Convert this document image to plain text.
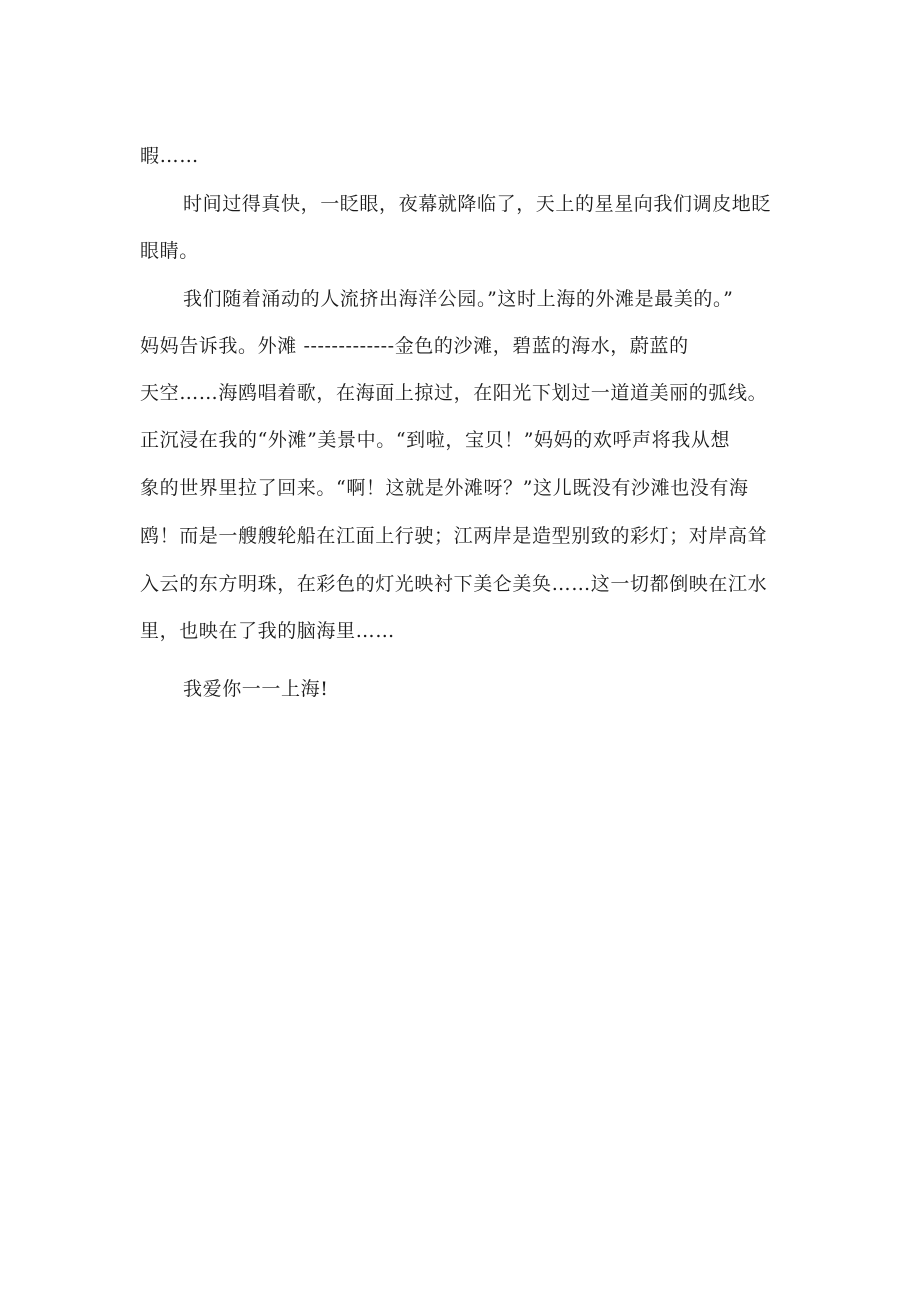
暇……
时间过得真快，一眨眼，夜幕就降临了，天上的星星向我们调皮地眨
眼睛。
我们随着涌动的人流挤出海洋公园。”这时上海的外滩是最美的。”
妈妈告诉我。外滩 -------------金色的沙滩，碧蓝的海水，蔚蓝的
天空……海鸥唱着歌，在海面上掠过，在阳光下划过一道道美丽的弧线。
正沉浸在我的“外滩”美景中。“到啦，宝贝！”妈妈的欢呼声将我从想
象的世界里拉了回来。“啊！这就是外滩呀？”这儿既没有沙滩也没有海
鸥！而是一艘艘轮船在江面上行驶；江两岸是造型别致的彩灯；对岸高耸
入云的东方明珠，在彩色的灯光映衬下美仑美奂……这一切都倒映在江水
里，也映在了我的脑海里……
我爱你一一上海!
